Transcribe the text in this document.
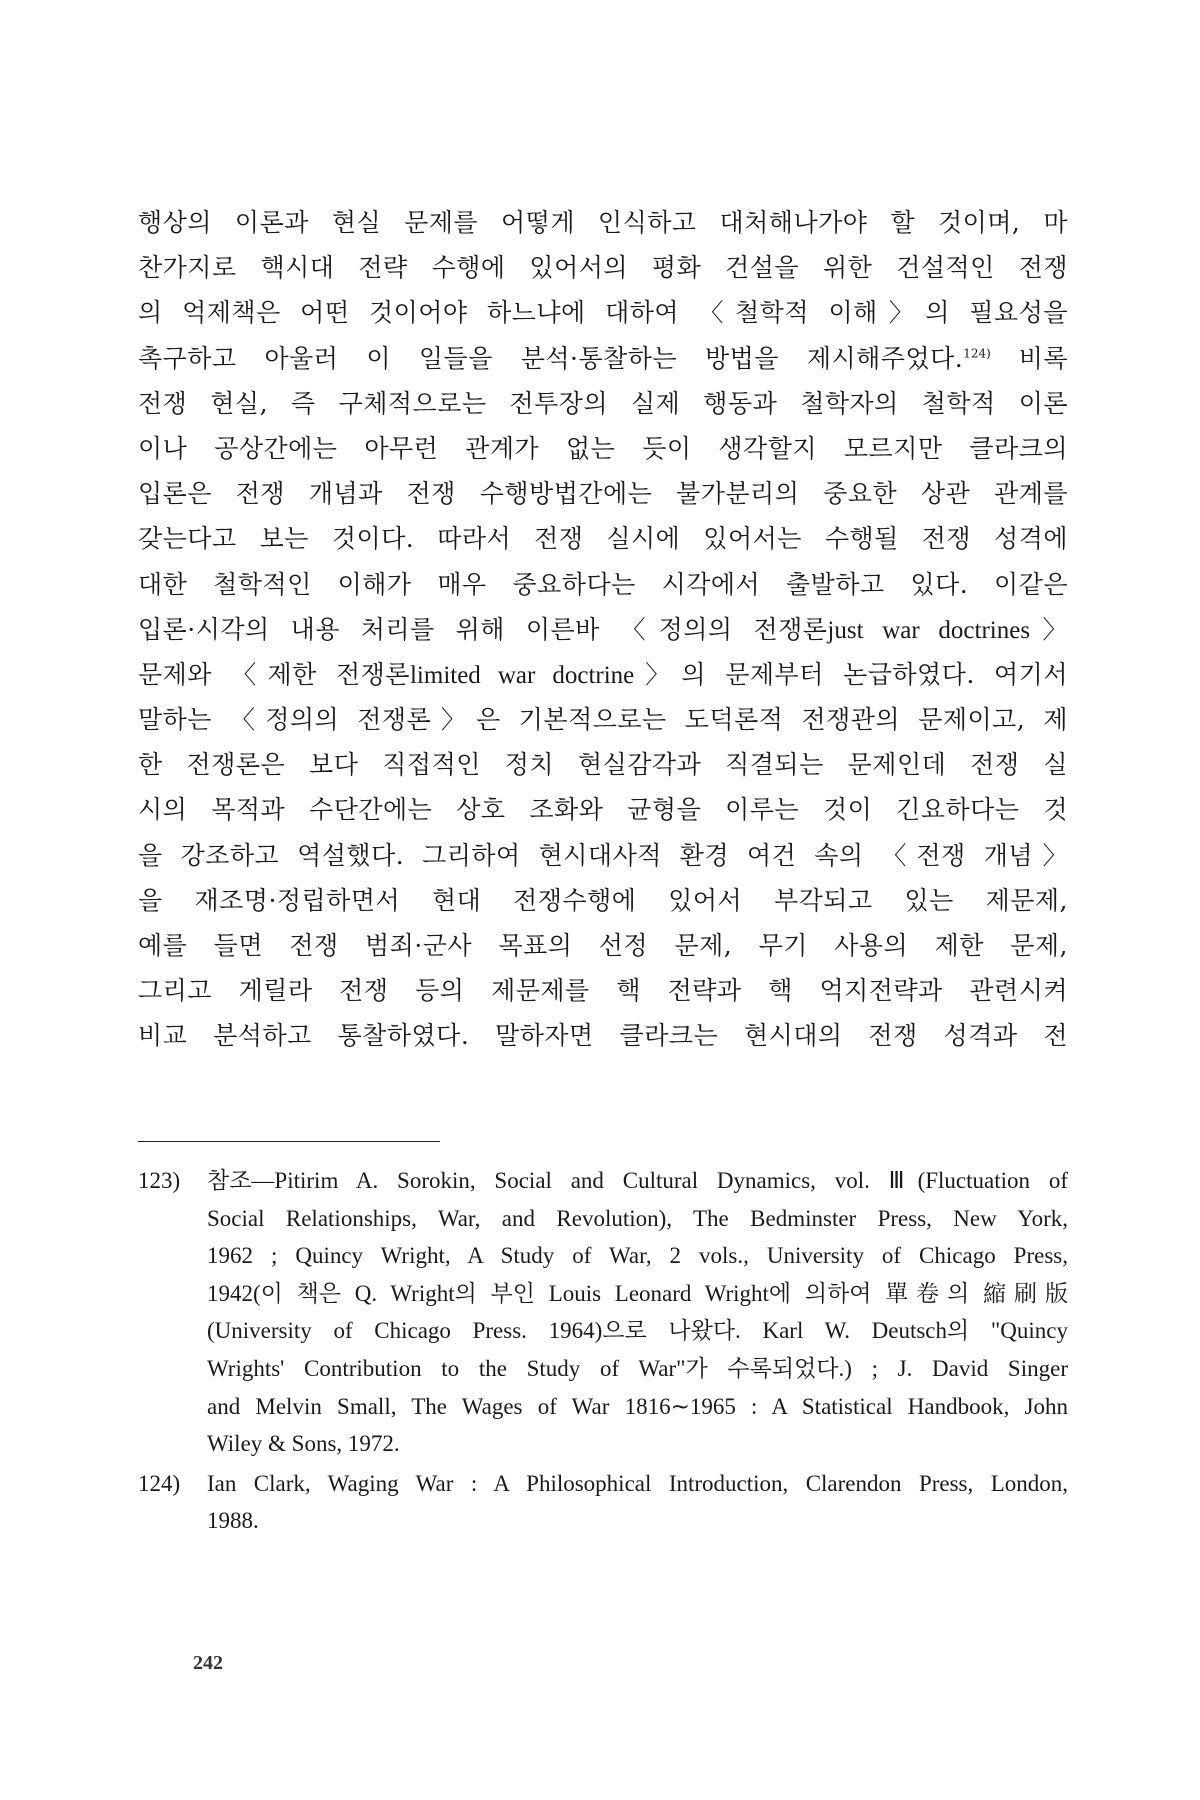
행상의 이론과 현실 문제를 어떻게 인식하고 대처해나가야 할 것이며, 마
찬가지로 핵시대 전략 수행에 있어서의 평화 건설을 위한 건설적인 전쟁
의 억제책은 어떤 것이어야 하느냐에 대하여 〈철학적 이해〉의 필요성을
촉구하고 아울러 이 일들을 분석·통찰하는 방법을 제시해주었다.$^{124)}$ 비록
전쟁 현실, 즉 구체적으로는 전투장의 실제 행동과 철학자의 철학적 이론
이나 공상간에는 아무런 관계가 없는 듯이 생각할지 모르지만 클라크의
입론은 전쟁 개념과 전쟁 수행방법간에는 불가분리의 중요한 상관 관계를
갖는다고 보는 것이다. 따라서 전쟁 실시에 있어서는 수행될 전쟁 성격에
대한 철학적인 이해가 매우 중요하다는 시각에서 출발하고 있다. 이같은
입론·시각의 내용 처리를 위해 이른바 〈정의의 전쟁론just war doctrines〉
문제와 〈제한 전쟁론limited war doctrine〉의 문제부터 논급하였다. 여기서
말하는 〈정의의 전쟁론〉은 기본적으로는 도덕론적 전쟁관의 문제이고, 제
한 전쟁론은 보다 직접적인 정치 현실감각과 직결되는 문제인데 전쟁 실
시의 목적과 수단간에는 상호 조화와 균형을 이루는 것이 긴요하다는 것
을 강조하고 역설했다. 그리하여 현시대사적 환경 여건 속의 〈전쟁 개념〉
을 재조명·정립하면서 현대 전쟁수행에 있어서 부각되고 있는 제문제,
예를 들면 전쟁 범죄·군사 목표의 선정 문제, 무기 사용의 제한 문제,
그리고 게릴라 전쟁 등의 제문제를 핵 전략과 핵 억지전략과 관련시켜
비교 분석하고 통찰하였다. 말하자면 클라크는 현시대의 전쟁 성격과 전
123) 참조—Pitirim A. Sorokin, Social and Cultural Dynamics, vol. Ⅲ(Fluctuation of
Social Relationships, War, and Revolution), The Bedminster Press, New York,
1962 ; Quincy Wright, A Study of War, 2 vols., University of Chicago Press,
1942(이 책은 Q. Wright의 부인 Louis Leonard Wright에 의하여 單卷의 縮刷版
(University of Chicago Press. 1964)으로 나왔다. Karl W. Deutsch의 "Quincy
Wrights' Contribution to the Study of War"가 수록되었다.) ; J. David Singer
and Melvin Small, The Wages of War 1816∼1965 : A Statistical Handbook, John
Wiley & Sons, 1972.
124) Ian Clark, Waging War : A Philosophical Introduction, Clarendon Press, London,
1988.
242
